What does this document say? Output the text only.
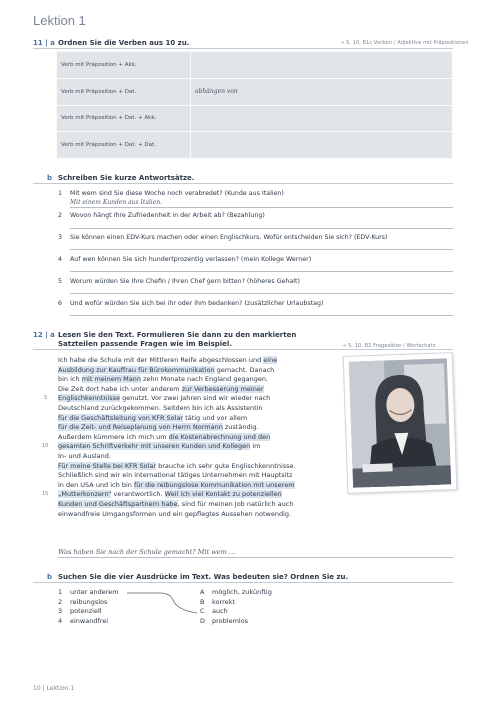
Lektion 1
11 | a Ordnen Sie die Verben aus 10 zu.	→ S. 10, B1c Verben / Adjektive mit Präpositionen
Verb mit Präposition + Akk.	
Verb mit Präposition + Dat.	abhängen von
Verb mit Präposition + Dat. + Akk.	
Verb mit Präposition + Dat. + Dat.	
b Schreiben Sie kurze Antwortsätze.
1 Mit wem sind Sie diese Woche noch verabredet? (Kunde aus Italien)
Mit einem Kunden aus Italien.
2 Wovon hängt Ihre Zufriedenheit in der Arbeit ab? (Bezahlung)
3 Sie können einen EDV-Kurs machen oder einen Englischkurs. Wofür entscheiden Sie sich? (EDV-Kurs)
4 Auf wen können Sie sich hundertprozentig verlassen? (mein Kollege Werner)
5 Worum würden Sie Ihre Chefin / Ihren Chef gern bitten? (höheres Gehalt)
6 Und wofür würden Sie sich bei ihr oder ihm bedanken? (zusätzlicher Urlaubstag)
12 | a Lesen Sie den Text. Formulieren Sie dann zu den markierten
Satzteilen passende Fragen wie im Beispiel.	→ S. 10, B2 Fragesätze / Wortschatz
Ich habe die Schule mit der Mittleren Reife abgeschlossen und eine
Ausbildung zur Kauffrau für Bürokommunikation gemacht. Danach
bin ich mit meinem Mann zehn Monate nach England gegangen.
Die Zeit dort habe ich unter anderem zur Verbesserung meiner
Englischkenntnisse genutzt. Vor zwei Jahren sind wir wieder nach
Deutschland zurückgekommen. Seitdem bin ich als Assistentin
für die Geschäftsleitung von KFR Solar tätig und vor allem
für die Zeit- und Reiseplanung von Herrn Normann zuständig.
Außerdem kümmere ich mich um die Kostenabrechnung und den
gesamten Schriftverkehr mit unseren Kunden und Kollegen im
In- und Ausland.
Für meine Stelle bei KFR Solar brauche ich sehr gute Englischkenntnisse.
Schließlich sind wir ein international tätiges Unternehmen mit Hauptsitz
in den USA und ich bin für die reibungslose Kommunikation mit unserem
„Mutterkonzern“ verantwortlich. Weil ich viel Kontakt zu potenziellen
Kunden und Geschäftspartnern habe, sind für meinen Job natürlich auch
einwandfreie Umgangsformen und ein gepflegtes Aussehen notwendig.
5
10
15
Was haben Sie nach der Schule gemacht? Mit wem …
b Suchen Sie die vier Ausdrücke im Text. Was bedeuten sie? Ordnen Sie zu.
1 unter anderem
2 reibungslos
3 potenziell
4 einwandfrei
A möglich, zukünftig
B korrekt
C auch
D problemlos
10 | Lektion 1
